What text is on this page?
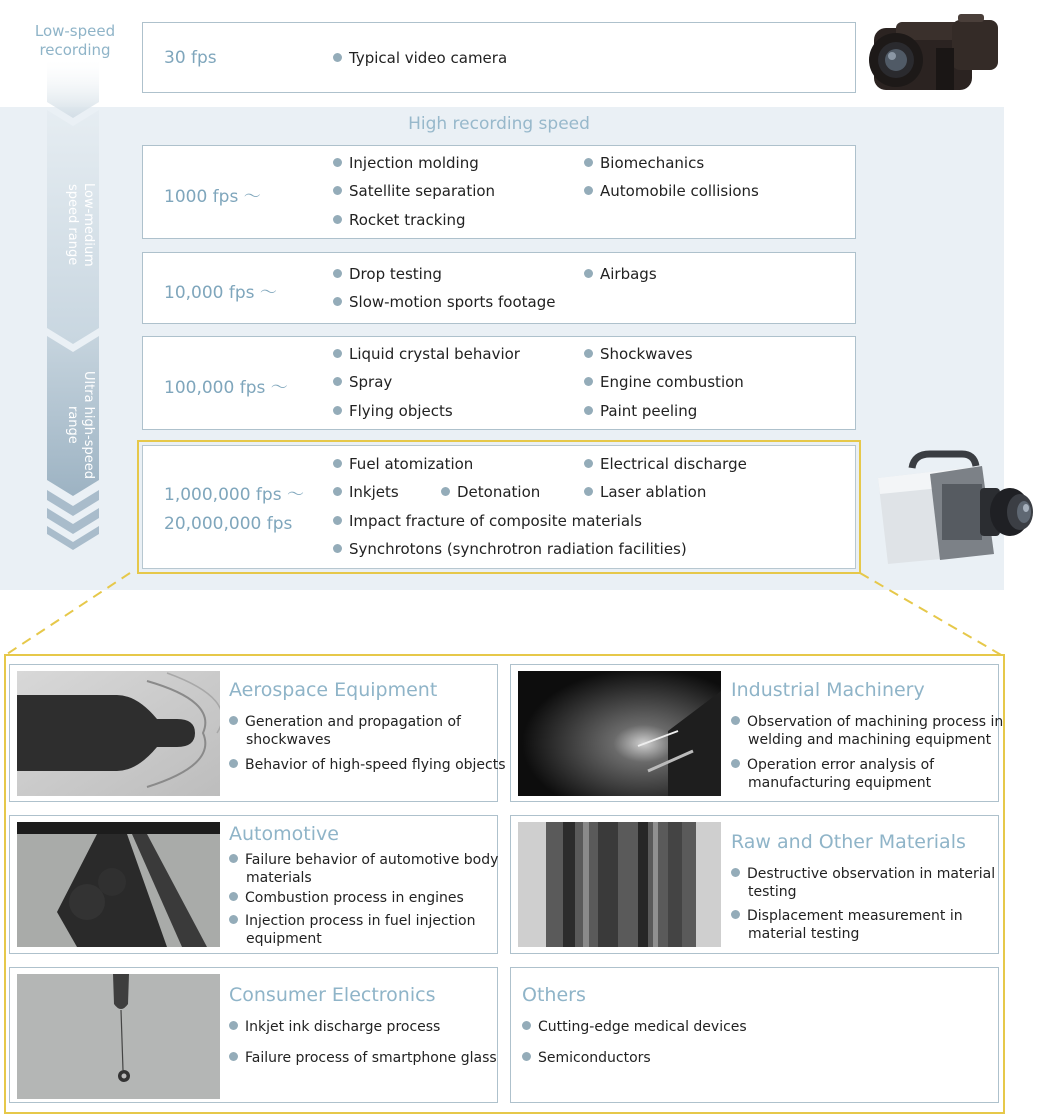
Low-medium speed range
Ultra high-speed range
Low-speed recording	30 fps	Typical video camera
High recording speed
1000 fps ～
Injection molding	Biomechanics
Satellite separation	Automobile collisions
Rocket tracking
10,000 fps ～
Drop testing	Airbags
Slow-motion sports footage
100,000 fps ～
Liquid crystal behavior	Shockwaves
Spray	Engine combustion
Flying objects	Paint peeling
1,000,000 fps ～
20,000,000 fps
Fuel atomization	Electrical discharge
Inkjets	Detonation	Laser ablation
Impact fracture of composite materials
Synchrotons (synchrotron radiation facilities)
Aerospace Equipment
Generation and propagation of shockwaves
Behavior of high-speed flying objects
Industrial Machinery
Observation of machining process in welding and machining equipment
Operation error analysis of manufacturing equipment
Automotive
Failure behavior of automotive body materials
Combustion process in engines
Injection process in fuel injection equipment
Raw and Other Materials
Destructive observation in material testing
Displacement measurement in material testing
Consumer Electronics
Inkjet ink discharge process
Failure process of smartphone glass
Others
Cutting-edge medical devices
Semiconductors
